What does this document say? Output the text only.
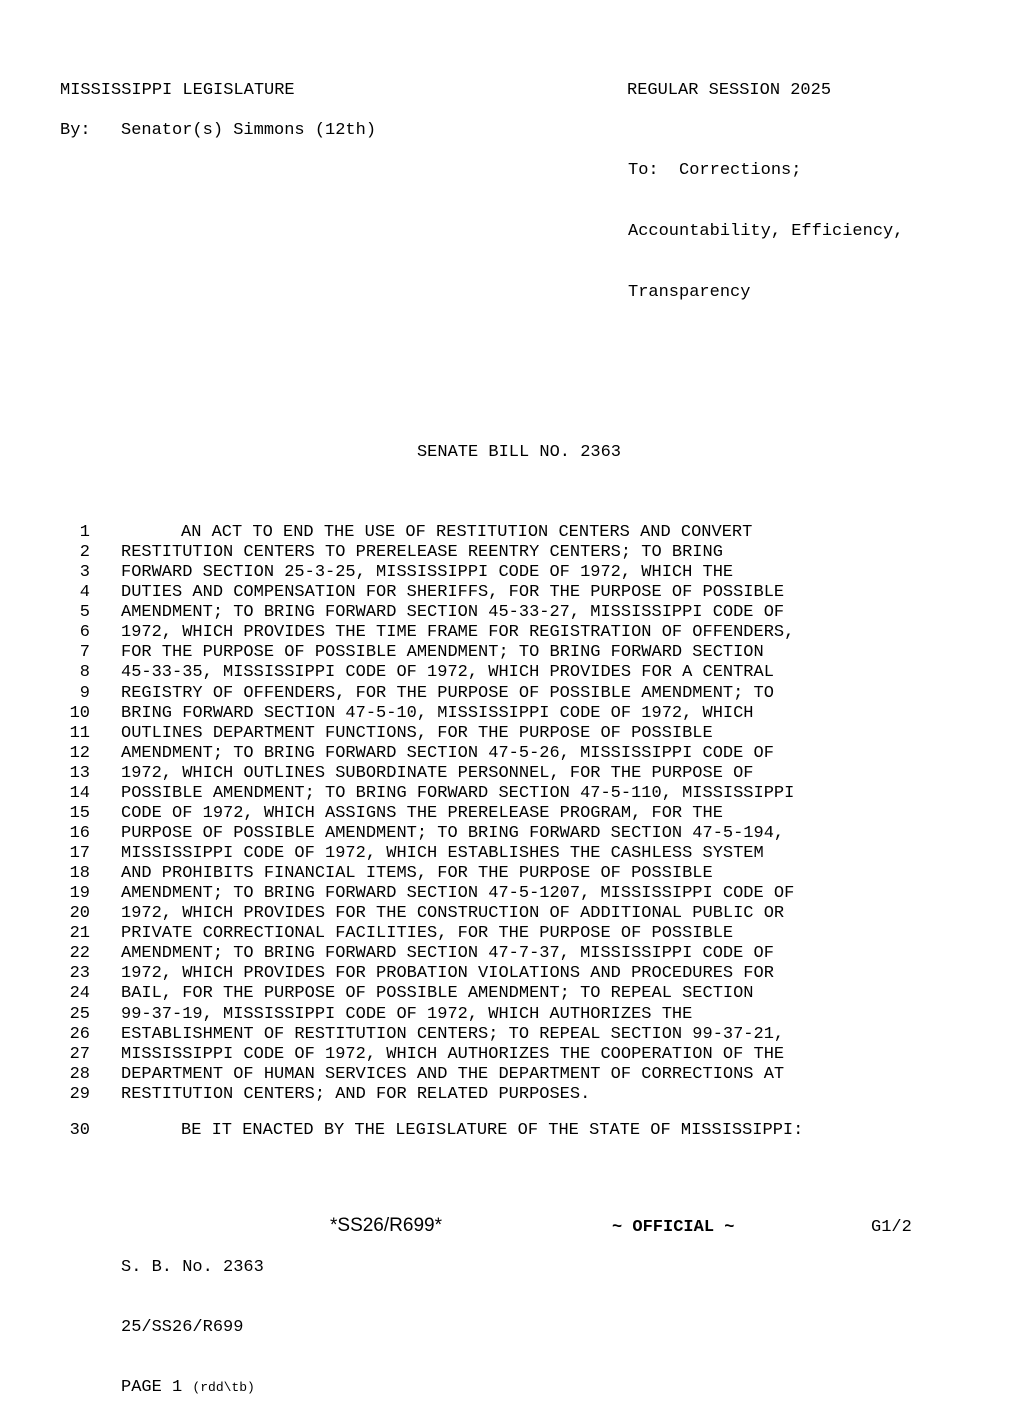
MISSISSIPPI LEGISLATURE	REGULAR SESSION 2025
By: Senator(s) Simmons (12th)

To:  Corrections;

Accountability, Efficiency,

Transparency

SENATE BILL NO. 2363
1	AN ACT TO END THE USE OF RESTITUTION CENTERS AND CONVERT
2 RESTITUTION CENTERS TO PRERELEASE REENTRY CENTERS; TO BRING
3 FORWARD SECTION 25-3-25, MISSISSIPPI CODE OF 1972, WHICH THE
4 DUTIES AND COMPENSATION FOR SHERIFFS, FOR THE PURPOSE OF POSSIBLE
5 AMENDMENT; TO BRING FORWARD SECTION 45-33-27, MISSISSIPPI CODE OF
6 1972, WHICH PROVIDES THE TIME FRAME FOR REGISTRATION OF OFFENDERS,
7 FOR THE PURPOSE OF POSSIBLE AMENDMENT; TO BRING FORWARD SECTION
8 45-33-35, MISSISSIPPI CODE OF 1972, WHICH PROVIDES FOR A CENTRAL
9 REGISTRY OF OFFENDERS, FOR THE PURPOSE OF POSSIBLE AMENDMENT; TO
10 BRING FORWARD SECTION 47-5-10, MISSISSIPPI CODE OF 1972, WHICH
11 OUTLINES DEPARTMENT FUNCTIONS, FOR THE PURPOSE OF POSSIBLE
12 AMENDMENT; TO BRING FORWARD SECTION 47-5-26, MISSISSIPPI CODE OF
13 1972, WHICH OUTLINES SUBORDINATE PERSONNEL, FOR THE PURPOSE OF
14 POSSIBLE AMENDMENT; TO BRING FORWARD SECTION 47-5-110, MISSISSIPPI
15 CODE OF 1972, WHICH ASSIGNS THE PRERELEASE PROGRAM, FOR THE
16 PURPOSE OF POSSIBLE AMENDMENT; TO BRING FORWARD SECTION 47-5-194,
17 MISSISSIPPI CODE OF 1972, WHICH ESTABLISHES THE CASHLESS SYSTEM
18 AND PROHIBITS FINANCIAL ITEMS, FOR THE PURPOSE OF POSSIBLE
19 AMENDMENT; TO BRING FORWARD SECTION 47-5-1207, MISSISSIPPI CODE OF
20 1972, WHICH PROVIDES FOR THE CONSTRUCTION OF ADDITIONAL PUBLIC OR
21 PRIVATE CORRECTIONAL FACILITIES, FOR THE PURPOSE OF POSSIBLE
22 AMENDMENT; TO BRING FORWARD SECTION 47-7-37, MISSISSIPPI CODE OF
23 1972, WHICH PROVIDES FOR PROBATION VIOLATIONS AND PROCEDURES FOR
24 BAIL, FOR THE PURPOSE OF POSSIBLE AMENDMENT; TO REPEAL SECTION
25 99-37-19, MISSISSIPPI CODE OF 1972, WHICH AUTHORIZES THE
26 ESTABLISHMENT OF RESTITUTION CENTERS; TO REPEAL SECTION 99-37-21,
27 MISSISSIPPI CODE OF 1972, WHICH AUTHORIZES THE COOPERATION OF THE
28 DEPARTMENT OF HUMAN SERVICES AND THE DEPARTMENT OF CORRECTIONS AT
29 RESTITUTION CENTERS; AND FOR RELATED PURPOSES.
30	BE IT ENACTED BY THE LEGISLATURE OF THE STATE OF MISSISSIPPI:

S. B. No. 2363

25/SS26/R699

PAGE 1 (rdd\tb)

*SS26/R699*	~ OFFICIAL ~	G1/2
